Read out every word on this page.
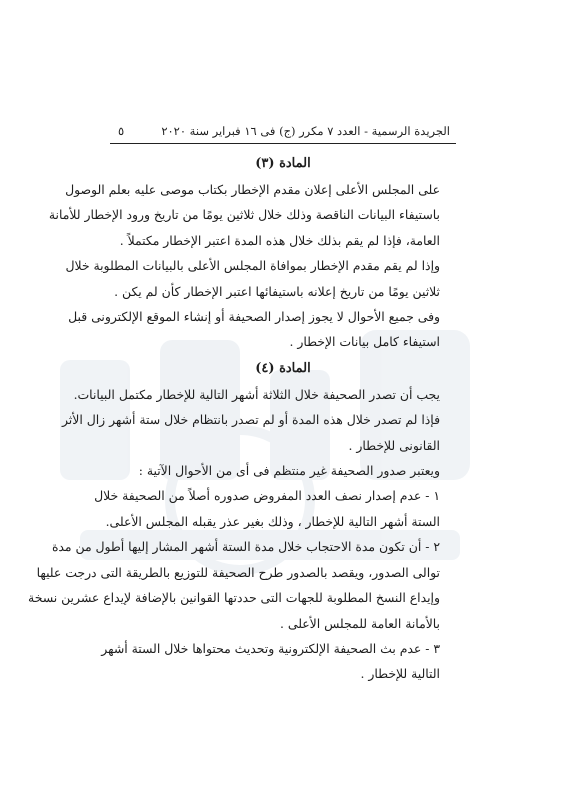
الجريدة الرسمية - العدد ٧ مكرر (ج) فى ١٦ فبراير سنة ٢٠٢٠
٥
المادة (٣)
على المجلس الأعلى إعلان مقدم الإخطار بكتاب موصى عليه بعلم الوصول
باستيفاء البيانات الناقصة وذلك خلال ثلاثين يومًا من تاريخ ورود الإخطار للأمانة
العامة، فإذا لم يقم بذلك خلال هذه المدة اعتبر الإخطار مكتملاً .
وإذا لم يقم مقدم الإخطار بموافاة المجلس الأعلى بالبيانات المطلوبة خلال
ثلاثين يومًا من تاريخ إعلانه باستيفائها اعتبر الإخطار كأن لم يكن .
وفى جميع الأحوال لا يجوز إصدار الصحيفة أو إنشاء الموقع الإلكترونى قبل
استيفاء كامل بيانات الإخطار .
المادة (٤)
يجب أن تصدر الصحيفة خلال الثلاثة أشهر التالية للإخطار مكتمل البيانات.
فإذا لم تصدر خلال هذه المدة أو لم تصدر بانتظام خلال ستة أشهر زال الأثر
القانونى للإخطار .
ويعتبر صدور الصحيفة غير منتظم فى أى من الأحوال الآتية :
١ - عدم إصدار نصف العدد المفروض صدوره أصلاً من الصحيفة خلال
الستة أشهر التالية للإخطار ، وذلك بغير عذر يقبله المجلس الأعلى.
٢ - أن تكون مدة الاحتجاب خلال مدة الستة أشهر المشار إليها أطول من مدة
توالى الصدور، ويقصد بالصدور طرح الصحيفة للتوزيع بالطريقة التى درجت عليها
وإيداع النسخ المطلوبة للجهات التى حددتها القوانين بالإضافة لإيداع عشرين نسخة
بالأمانة العامة للمجلس الأعلى .
٣ - عدم بث الصحيفة الإلكترونية وتحديث محتواها خلال الستة أشهر
التالية للإخطار .
